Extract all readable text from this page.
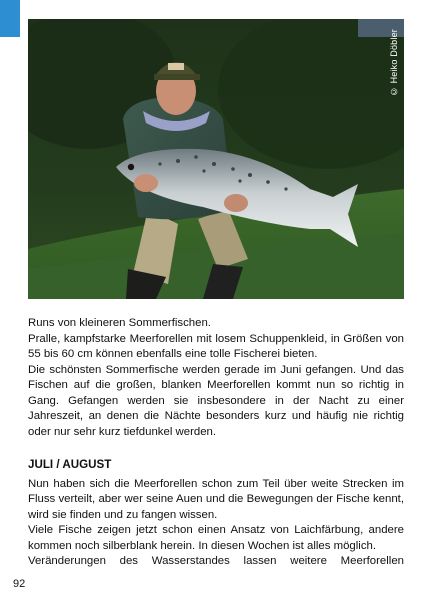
© Heiko Döbler

Runs von kleineren Sommerfischen.

Pralle, kampfstarke Meerforellen mit losem Schuppenkleid, in Größen von 55 bis 60 cm können ebenfalls eine tolle Fischerei bieten.

Die schönsten Sommerfische werden gerade im Juni gefangen. Und das Fischen auf die großen, blanken Meerforellen kommt nun so richtig in Gang. Gefangen werden sie insbesondere in der Nacht zu einer Jahreszeit, an denen die Nächte besonders kurz und häufig nie richtig oder nur sehr kurz tiefdunkel werden.

JULI / AUGUST

Nun haben sich die Meerforellen schon zum Teil über weite Strecken im Fluss verteilt, aber wer seine Auen und die Bewegungen der Fische kennt, wird sie finden und zu fangen wissen.

Viele Fische zeigen jetzt schon einen Ansatz von Laichfärbung, andere kommen noch silberblank herein. In diesen Wochen ist alles möglich.

Veränderungen des Wasserstandes lassen weitere Meerforellen

92
